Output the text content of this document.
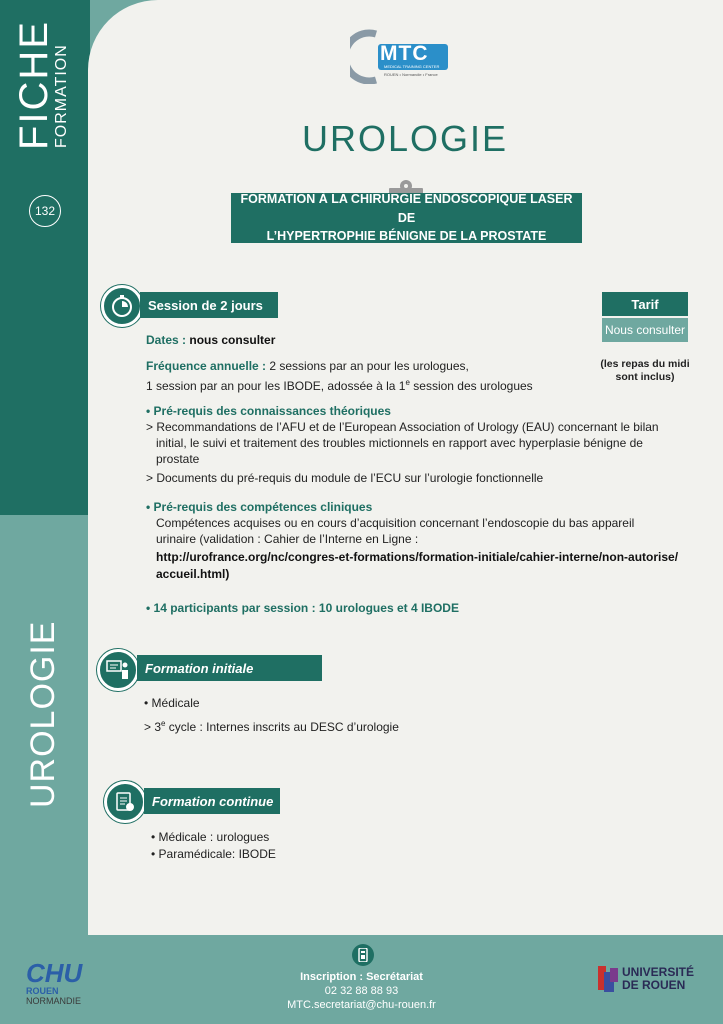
FICHE
FORMATION
132
UROLOGIE
MTC
MEDICAL TRAINING CENTER
ROUEN • Normandie • France
UROLOGIE
FORMATION À LA CHIRURGIE ENDOSCOPIQUE LASER DE
L’HYPERTROPHIE BÉNIGNE DE LA PROSTATE
Session de 2 jours
Dates : nous consulter
Fréquence annuelle : 2 sessions par an pour les urologues,
1 session par an pour les IBODE, adossée à la 1e session des urologues
• Pré-requis des connaissances théoriques
> Recommandations de l’AFU et de l’European Association of Urology (EAU) concernant le bilan
initial, le suivi et traitement des troubles mictionnels en rapport avec hyperplasie bénigne de
prostate
> Documents du pré-requis du module de l’ECU sur l’urologie fonctionnelle
• Pré-requis des compétences cliniques
Compétences acquises ou en cours d’acquisition concernant l’endoscopie du bas appareil
urinaire (validation : Cahier de l’Interne en Ligne :
http://urofrance.org/nc/congres-et-formations/formation-initiale/cahier-interne/non-autorise/
accueil.html)
• 14 participants par session : 10 urologues et 4 IBODE
Tarif
Nous consulter
(les repas du midi
sont inclus)
Formation initiale
• Médicale
> $3^e$ cycle : Internes inscrits au DESC d’urologie
Formation continue
• Médicale : urologues
• Paramédicale: IBODE
Inscription : Secrétariat
02 32 88 88 93
MTC.secretariat@chu-rouen.fr
CHU
ROUEN NORMANDIE
UNIVERSITÉ
DE ROUEN
